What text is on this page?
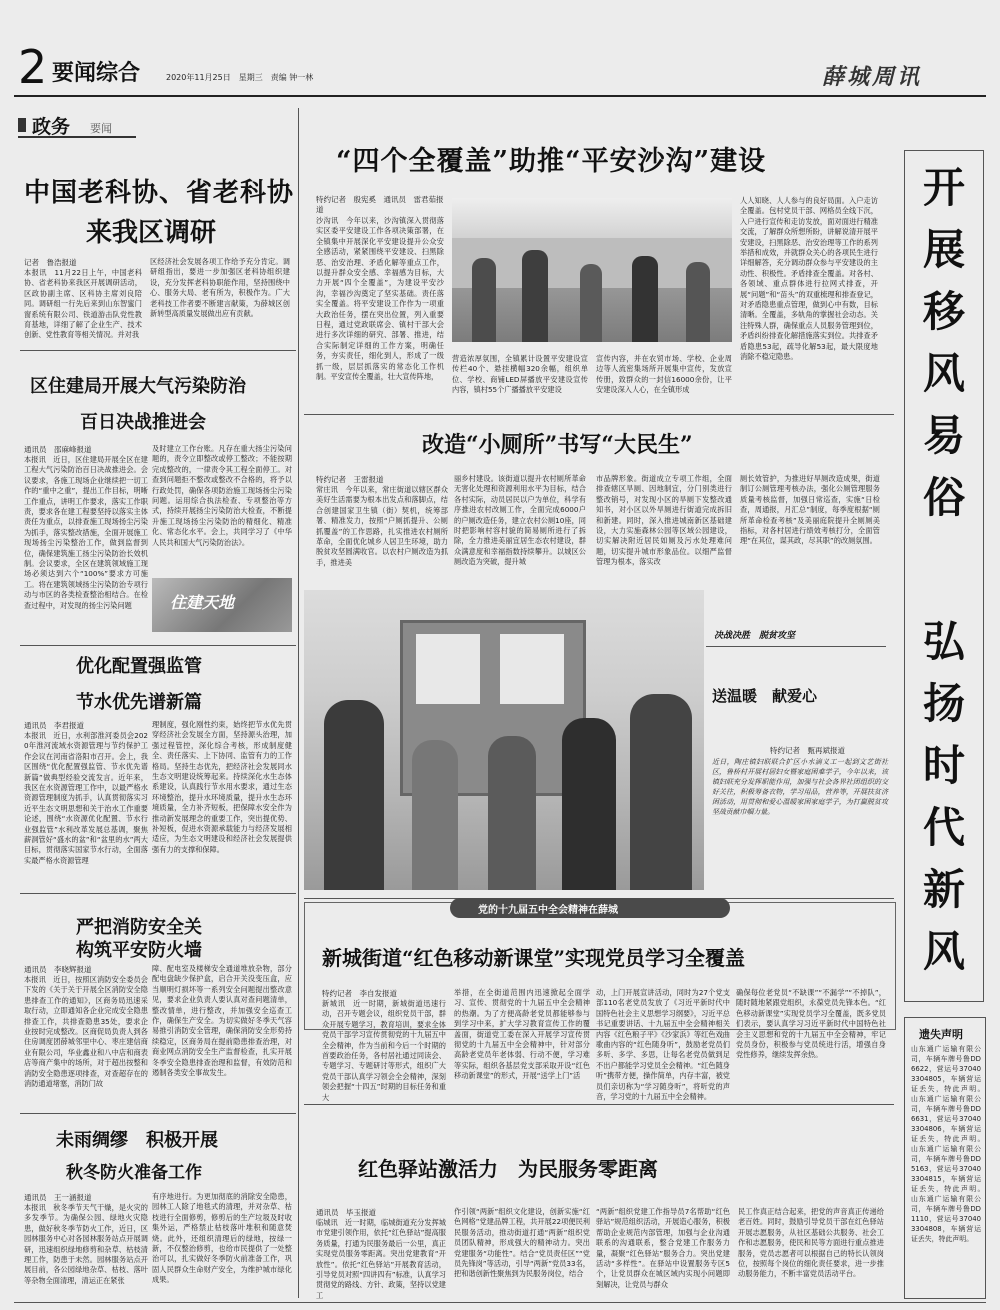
2 要闻综合	2020年11月25日　星期三　责编 钟一林	薛城周讯
政务 要闻
中国老科协、省老科协
来我区调研
记者　鲁浩报道
本报讯　11月22日上午，中国老科协、省老科协来我区开展调研活动，区政协副主席、区科协主席刘良陪同。调研组一行先后来到山东智蜜门窗系统有限公司、铁道游击队党性教育基地，详细了解了企业生产、技术创新、党性教育等相关情况。并对我
区经济社会发展各项工作给予充分肯定。调研组指出，要进一步加强区老科协组织建设，充分发挥老科协职能作用，坚持围绕中心、服务大局、老有所为，积极作为。广大老科技工作者要不断建言献策，为薛城区创新转型高质量发展做出应有贡献。
区住建局开展大气污染防治
百日决战推进会
通讯员　邵麻峰报道
本报讯　近日，区住建局开展全区在建工程大气污染防治百日决战推进会。会议要求，各施工现场企业继续把一切工作的“重中之重”，提出工作目标，明晰工作重点，讲明工作要求，落实工作职责，要求各在建工程要坚持以落实主体责任为重点，以排查施工现场扬尘污染为抓手，落实整改措施，全面开展施工现场扬尘污染整治工作，做到监督到位，确保建筑施工扬尘污染防治长效机制。会议要求，全区在建筑领域施工现场必须达到六个“100%”要求方可施工。将在建筑领域扬尘污染防治专项行动与市区的各类检查整治相结合。在检查过程中，对发现的扬尘污染问题
及时建立工作台账。凡存在重大扬尘污染问题的，责令立即整改或停工整改；不能按期完成整改的，一律责令其工程全面停工。对查到问题拒不整改或整改不合格的，将予以行政处罚，确保各项防治施工现场扬尘污染问题。运用综合执法检查、专项整治等方式，持续开展扬尘污染防治大检查，不断提升施工现场扬尘污染防治的精细化、精准化、常态化水平。会上，共同学习了《中华人民共和国大气污染防治法》。
住建天地
优化配置强监管
节水优先谱新篇
通讯员　李君报道
本报讯　近日，水利部淮河委员会2020年淮河流域水资源管理与节约保护工作会议在河南省洛阳市召开。会上，我区围绕“优化配置强监管、节水优先谱新篇”做典型经验交流发言。近年来，我区在水资源管理工作中，以最严格水资源管理制度为抓手，认真贯彻落实习近平生态文明思想和关于治水工作重要论述，围绕“水资源优化配置、节水行业强监管”水利改革发展总基调，聚焦薪洞管好“盛水的盆”和“盆里的水”两大目标，贯彻落实国家节水行动，全面落实最严格水资源管理
理制度，强化刚性约束，始终把节水优先贯穿经济社会发展全方面，坚持源头治理，加强过程管控，深化综合考核，形成制度健全、责任落实、上下协同、监管有力的工作格局。坚持生态优先，把经济社会发展同水生态文明建设统筹起来。持续深化水生态体系建设，认真践行节水用水要求，通过生态环境整治，提升水环境质量，提升水生态环境质量，全力补齐短板，把保障水安全作为推动新发展理念的重要工作，突出提优势、补短板，促进水资源承载能力与经济发展相适应，为生态文明建设和经济社会发展提供强有力的支撑和保障。
严把消防安全关
构筑平安防火墙
通讯员　李晓辉报道
本报讯　近日，按照区消防安全委员会下发的《关于关于开展全区消防安全隐患排查工作的通知》，区商务局迅速采取行动，立即通知各企业完成安全隐患排查工作，共排查隐患35处，要求企业按时完成整改。区商促局负责人到各住房调度团薛城邻里中心、枣庄建信商业有限公司，华业鑫业和八中店和商表店等商产集中的场所，对于超出按整和消防安全隐患逐项排查，对查超存在的消防通道堵塞，消防门故
障、配电室及楼梯安全通道堆放杂物，部分配电盘缺少保护盒，启合开关没变压盒，应当顺明灯损坏等一系列安全问题提出整改意见，要求企业负责人要认真对查问题清单，整改情单，进行整改，并加强安全巡查工作，确保生产安全。为切实做好冬季天气容易推引消防安全管理，确保消防安全形势持续稳定，区商务局在提前隐患排查治理，对商业网点消防安全生产监督检查，扎实开展冬季安全隐患排查治理和监督，有效防范和遏制各类安全事故发生。
未雨绸缪　积极开展
秋冬防火准备工作
通讯员　王一涵报道
本报讯　秋冬季节天气干燥，是火灾的多发季节。为确保公园、绿地火灾隐患，做好秋冬季节防火工作，近日，区园林服务中心对各园林服务站点开展调研，迅速组织绿地修剪和杂草、枯枝清理工作，防患于未然。园林服务站点开展目前，各公园绿地杂草、枯枝、落叶等杂物全面清理，清运正在紧张
有序地进行。为更加彻底的消除安全隐患，园林工人除了地毯式的清理，并对杂草、枯枝进行全面修剪，修剪后的生产垃圾及时收集外运，严格禁止枯枝落叶堆积和随意焚烧。此外，还组织清理后的绿地，按绿一新，不仅整治修剪，也给市民提供了一处整治可以，扎实做好冬季防火前准备工作，巩固人民群众生命财产安全，为维护城市绿化成果。
“四个全覆盖”助推“平安沙沟”建设
特约记者　殷宪奚　通讯员　雷君茹报道
沙沟讯　今年以来，沙沟镇深入贯彻落实区委平安建设工作各项决策部署，在全镇集中开展深化平安建设提升公众安全感活动，紧紧围绕平安建设、扫黑除恶、治安治理、矛盾化解等重点工作，以提升群众安全感、幸福感为目标，大力开展“四个全覆盖”，为建设平安沙沟，幸福沙沟奠定了坚实基础。责任落实全覆盖。将平安建设工作作为一项重大政治任务，摆在突出位置，列入重要日程，通过党政联席会、镇村干部大会进行多次详细的研究、部署、推进，结合实际制定详细的工作方案，明确任务，夯实责任，细化到人，形成了一级抓一级，层层抓落实的常态化工作机制。平安宣传全覆盖，壮大宣传阵地，
营造浓厚氛围，全镇累计设置平安建设宣传栏40个、悬挂横幅320余幅，组织单位、学校、商铺LED屏播放平安建设宣传内容，镇村55个广播播放平安建设
宣传内容，并在农贸市场、学校、企业周边等人流密集场所开展集中宣传，发放宣传册，致群众的一封信16000余份，让平安建设深入人心，在全镇形成
人人知晓、人人参与的良好局面。入户走访全覆盖。包村党员干部、网格员全线下沉，入户进行宣传和走访发放，面对面进行精准交流，了解群众所想所盼，讲解说清开展平安建设，扫黑除恶、治安治理等工作的系列举措和成效，并就群众关心的各项民生进行详细解答，充分调动群众参与平安建设的主动性、积极性。矛盾排查全覆盖。对各村、各领域、重点群体进行拉网式排查，开展“问题”和“苗头”的双重梳理和排查登记，对矛盾隐患重点管理，做到心中有数，目标清晰。全覆盖，多轨角的掌握社会动态。关注特殊人群，确保重点人员服务管理到位，矛盾纠纷排查化解措施落实到位。共排查矛盾隐患53起，疏导化解53起，最大限度地消除不稳定隐患。
改造“小厕所”书写“大民生”
特约记者　王雷报道
常庄讯　今年以来，常庄街道以辖区群众美好生活需要为根本出发点和落脚点，结合创建国家卫生镇（街）契机，统筹部署、精准发力，按照“户厕抓提升、公厕抓覆盖”的工作思路，扎实推进农村厕所革命，全面优化城乡人居卫生环境，助力脱贫攻坚圆满收官。以农村户厕改造为抓手，推进美
丽乡村建设。该街道以提升农村厕所革命无害化处理和资源利用水平为目标，结合各村实际，动员居民以户为单位，科学有序推进农村改厕工作，全面完成6000户的户厕改造任务，建立农村公厕10座，同时把影响村容村貌的简易厕所进行了拆除，全力推进美丽宜居生态农村建设，群众满意度和幸福指数持续攀升。以城区公厕改造为突破，提升城
市品牌形象。街道成立专项工作组，全面排查辖区旱厕、因地制宜，分门别类进行整改销号，对发现小区的旱厕下发整改通知书，对小区以外旱厕进行街道完成拆旧和新建。同时，深入推进城南新区基础建设，大力实施森林公园等区域公园建设，切实解决附近居民如厕及污水处理难问题，切实提升城市形象品位。以细严监督管理为根本，落实改
厕长效管护，为推进好旱厕改造成果，街道制订公厕管理考核办法，强化公厕管理服务质量考核监督，加强日常巡查，实施“日检查，周通报，月汇总”制度，每季度根据“厕所革命检查考核”及美丽庭院提升全厕厕美指标，对各村居进行绩效考核打分，全面管理“在其位，谋其政，尽其职”的改厕氛围。
决战决胜　脱贫攻坚
送温暖　献爱心
特约记者　甄再斌报道
近日，陶庄镇妇联联合扩区小水滴义工一起到文艺街社区，鲁桥村开展村居妇女暨家庭困难学子，今年以来，该镇妇联充分发挥职能作用，加强与社会各界社团组织的交好关往，积极筹备衣物，学习用品，营养等，开展扶贫济困活动，用贯彻和爱心温暖家困家庭学子，为打赢脱贫攻坚战贡献巾帼力量。
党的十九届五中全会精神在薛城
新城街道“红色移动新课堂”实现党员学习全覆盖
特约记者　李自发报道
新城讯　近一时期，新城街道迅速行动，召开专题会议，组织党员干部，群众开展专题学习，教育培训，要求全体党员干部学习宣传贯彻党的十九届五中全会精神，作为当前和今后一个时期的首要政治任务，各村居社通过同读会、专题学习、专题研讨等形式，组织广大党员干部认真学习领会全会精神，深刻领会把握“十四五”时期的目标任务和重大
举措，在全街道范围内迅速掀起全面学习、宣传、贯彻党的十九届五中全会精神的热潮。为了方便高龄老党员都能够参与到学习中来，扩大学习教育宣传工作的覆盖面，街道党工委在深入开展学习宣传贯彻党的十九届五中全会精神中，针对部分高龄老党员年老体弱、行动不便，学习难等实际，组织各基层党支部采取开设“红色移动新课堂”的形式，开展“送学上门”活
动，上门开展宣讲活动，同时为27个党支部110名老党员发放了《习近平新时代中国特色社会主义思想学习纲要》，习近平总书记重要讲话、十九届五中全会精神相关内容《红色粮子平》《沙家浜》等红色戏曲歌曲内容的“红色随身听”，鼓励老党员们多听、多学、多思，让每名老党员做到足不出户都能学习党员全会精神。“红色随身听”携带方便，操作简单，内存丰富，被党员们亲切称为“学习随身听”，将听党的声音，学习党的十九届五中全会精神。
确保每位老党员“不缺课”“不漏学”“不掉队”，随时随地紧跟党组织，永葆党员先锋本色。“红色移动新课堂”实现党员学习全覆盖，既多党员们表示，要认真学习习近平新时代中国特色社会主义思想和党的十九届五中全会精神，牢记党员身份，积极参与党员统进行活，增强自身党性修养，继续发挥余热。
红色驿站激活力　为民服务零距离
通讯员　毕玉报道
临城讯　近一时期，临城街道充分发挥城市党建引领作用，依托“红色驿站”提高服务质量，打通为民服务最后一公里，真正实现党员服务零距离。突出党建教育“开放性”。依托“红色驿站”开展教育活动，引导党员对照“四讲四有”标准，认真学习贯彻党的路线、方针、政策，坚持以党建工
作引领“两新”组织文化建设，创新实施“红色网格”党建品牌工程，共开展22项便民利民服务活动，推动街道打通“两新”组织党员团队精神，形成强大的精神动力。突出党建服务“功能性”。结合“党员责任区”“党员先锋岗”等活动，引导“两新”党员33名，把和谐创新性聚焦到为民服务岗位，结合
“两新”组织党建工作指导员7名帮助“红色驿站”规范组织活动，开展造心服务，积极帮助企业规范内部管理，加强与企业沟通联系的沟通联系，整合党建工作服务力量，凝聚“红色驿站”服务合力。突出党建活动“多样性”。在驿站中设置服务专区5个，让党员群众在城区域内实现小问题即刻解决，让党员与群众
民工作真正结合起来，把党的声音真正传递给老百姓。同时，鼓励引导党员干部在红色驿站开展志愿服务，从社区基础公共服务、社会工作和志愿服务，使民和民等方面进行重点推进服务，党员志愿者可以根据自己的特长认领岗位，按照每个岗位的细化责任要求，进一步推动服务能力，不断丰富党员活动平台。
开展移风易俗
弘扬时代新风
遗失声明
山东通广运输有限公司，车辆车牌号鲁DD6622，营运号370403304805，车辆营运证丢失，特此声明。　山东通广运输有限公司，车辆车牌号鲁DD6631，营运号370403304806，车辆营运证丢失，特此声明。　山东通广运输有限公司，车辆车牌号鲁DD5163，营运号370403304815，车辆营运证丢失，特此声明。　山东通广运输有限公司，车辆车牌号鲁DD1110，营运号370403304808，车辆营运证丢失，特此声明。
